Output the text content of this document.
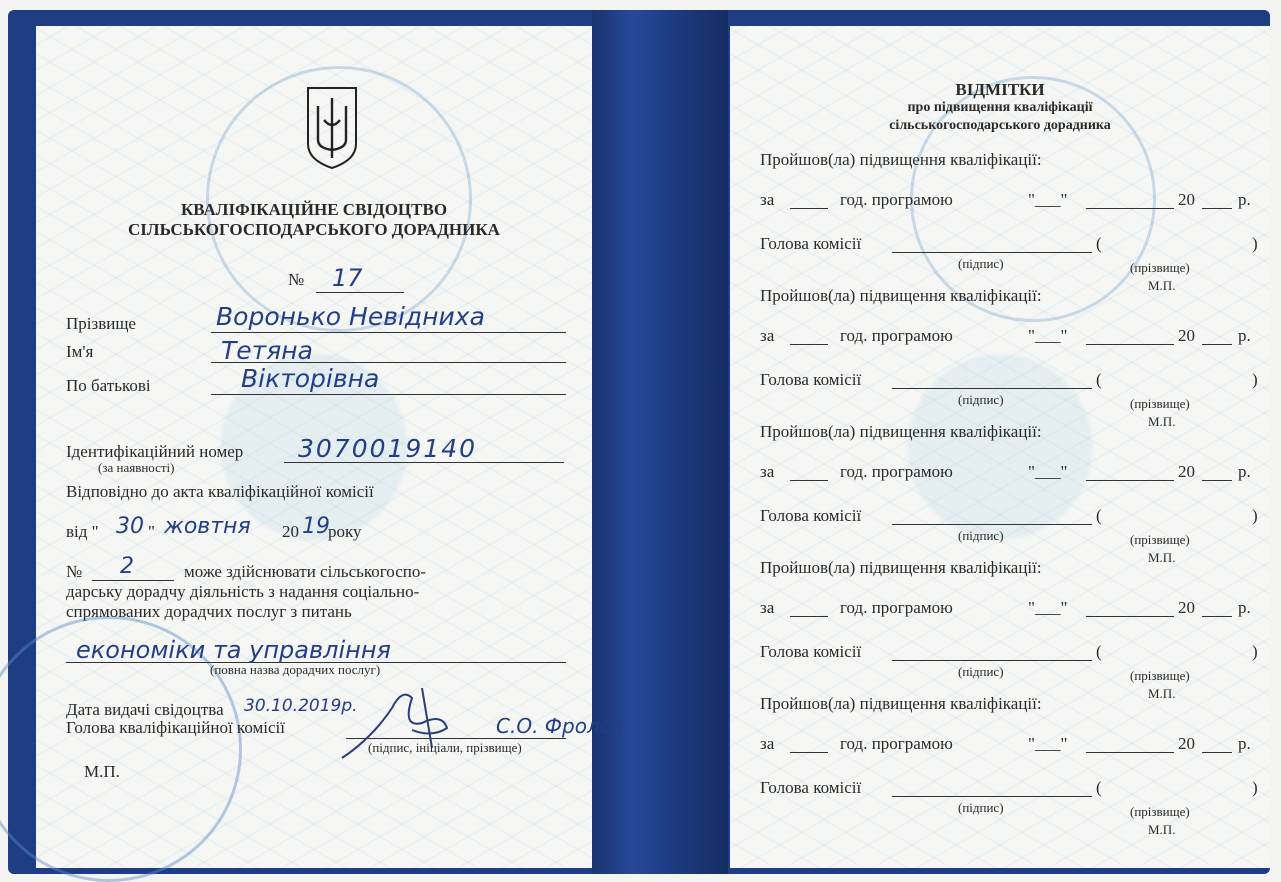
КВАЛІФІКАЦІЙНЕ СВІДОЦТВО
СІЛЬСЬКОГОСПОДАРСЬКОГО ДОРАДНИКА
№ 17
Прізвище	Воронько Невідниха
Ім'я	Тетяна
По батькові	Вікторівна
Ідентифікаційний номер 3070019140
(за наявності)
Відповідно до акта кваліфікаційної комісії
від " 30 " жовтня 20 19
року
№ 2	може здійснювати сільськогоспо-
дарську дорадчу діяльність з надання соціально-
спрямованих дорадчих послуг з питань
економіки та управління
(повна назва дорадчих послуг)
Дата видачі свідоцтва 30.10.2019р.
Голова кваліфікаційної комісії	С.О. Фролов
(підпис, ініціали, прізвище)
М.П.
ВІДМІТКИ
про підвищення кваліфікації
сільськогосподарського дорадника
Пройшов(ла) підвищення кваліфікації:
за	год. програмою	"___"	20	р.
Голова комісії	(	)
(підпис)	(прізвище)
М.П.
Пройшов(ла) підвищення кваліфікації:
за	год. програмою	"___"	20	р.
Голова комісії	(	)
(підпис)	(прізвище)
М.П.
Пройшов(ла) підвищення кваліфікації:
за	год. програмою	"___"	20	р.
Голова комісії	(	)
(підпис)	(прізвище)
М.П.
Пройшов(ла) підвищення кваліфікації:
за	год. програмою	"___"	20	р.
Голова комісії	(	)
(підпис)	(прізвище)
М.П.
Пройшов(ла) підвищення кваліфікації:
за	год. програмою	"___"	20	р.
Голова комісії	(	)
(підпис)	(прізвище)
М.П.
